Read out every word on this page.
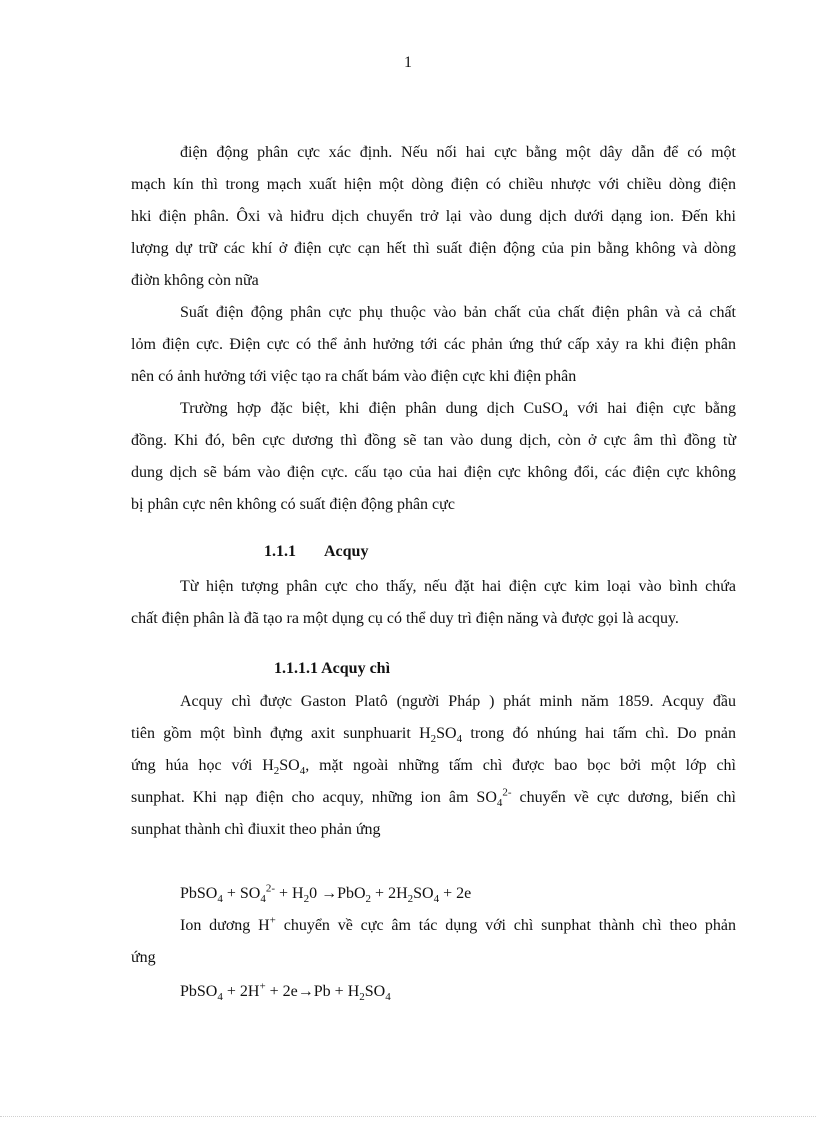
1
điện động phân cực xác định. Nếu nối hai cực bằng một dây dẫn để có một
mạch kín thì trong mạch xuất hiện một dòng điện có chiều nhược với chiều dòng điện
hki điện phân. Ôxi và hiđru dịch chuyển trở lại vào dung dịch dưới dạng ion. Đến khi
lượng dự trữ các khí ở điện cực cạn hết thì suất điện động của pin bằng không và dòng
điờn không còn nữa
Suất điện động phân cực phụ thuộc vào bản chất của chất điện phân và cả chất
lỏm điện cực. Điện cực có thể ảnh hưởng tới các phản ứng thứ cấp xảy ra khi điện phân
nên có ảnh hưởng tới việc tạo ra chất bám vào điện cực khi điện phân
Trường hợp đặc biệt, khi điện phân dung dịch CuSO$_4$ với hai điện cực bằng
đồng. Khi đó, bên cực dương thì đồng sẽ tan vào dung dịch, còn ở cực âm thì đồng từ
dung dịch sẽ bám vào điện cực. cấu tạo của hai điện cực không đổi, các điện cực không
bị phân cực nên không có suất điện động phân cực
1.1.1 Acquy
Từ hiện tượng phân cực cho thấy, nếu đặt hai điện cực kim loại vào bình chứa
chất điện phân là đã tạo ra một dụng cụ có thể duy trì điện năng và được gọi là acquy.
1.1.1.1 Acquy chì
Acquy chì được Gaston Platô (người Pháp ) phát minh năm 1859. Acquy đầu
tiên gồm một bình đựng axit sunphuarit $H_2SO_4$ trong đó nhúng hai tấm chì. Do pnản
ứng húa học với $H_2SO_4$, mặt ngoài những tấm chì được bao bọc bởi một lớp chì
sunphat. Khi nạp điện cho acquy, những ion âm $SO_4^{2-}$ chuyển về cực dương, biến chì
sunphat thành chì điuxit theo phản ứng
PbSO$_4$ + $SO_4^{2-} + H_20 \to PbO_2 + 2H_2SO_4 + 2e$
Ion dương H+ chuyển về cực âm tác dụng với chì sunphat thành chì theo phản
ứng
PbSO$_4$ + $2H^+ + 2e\to Pb + H_2SO_4$
